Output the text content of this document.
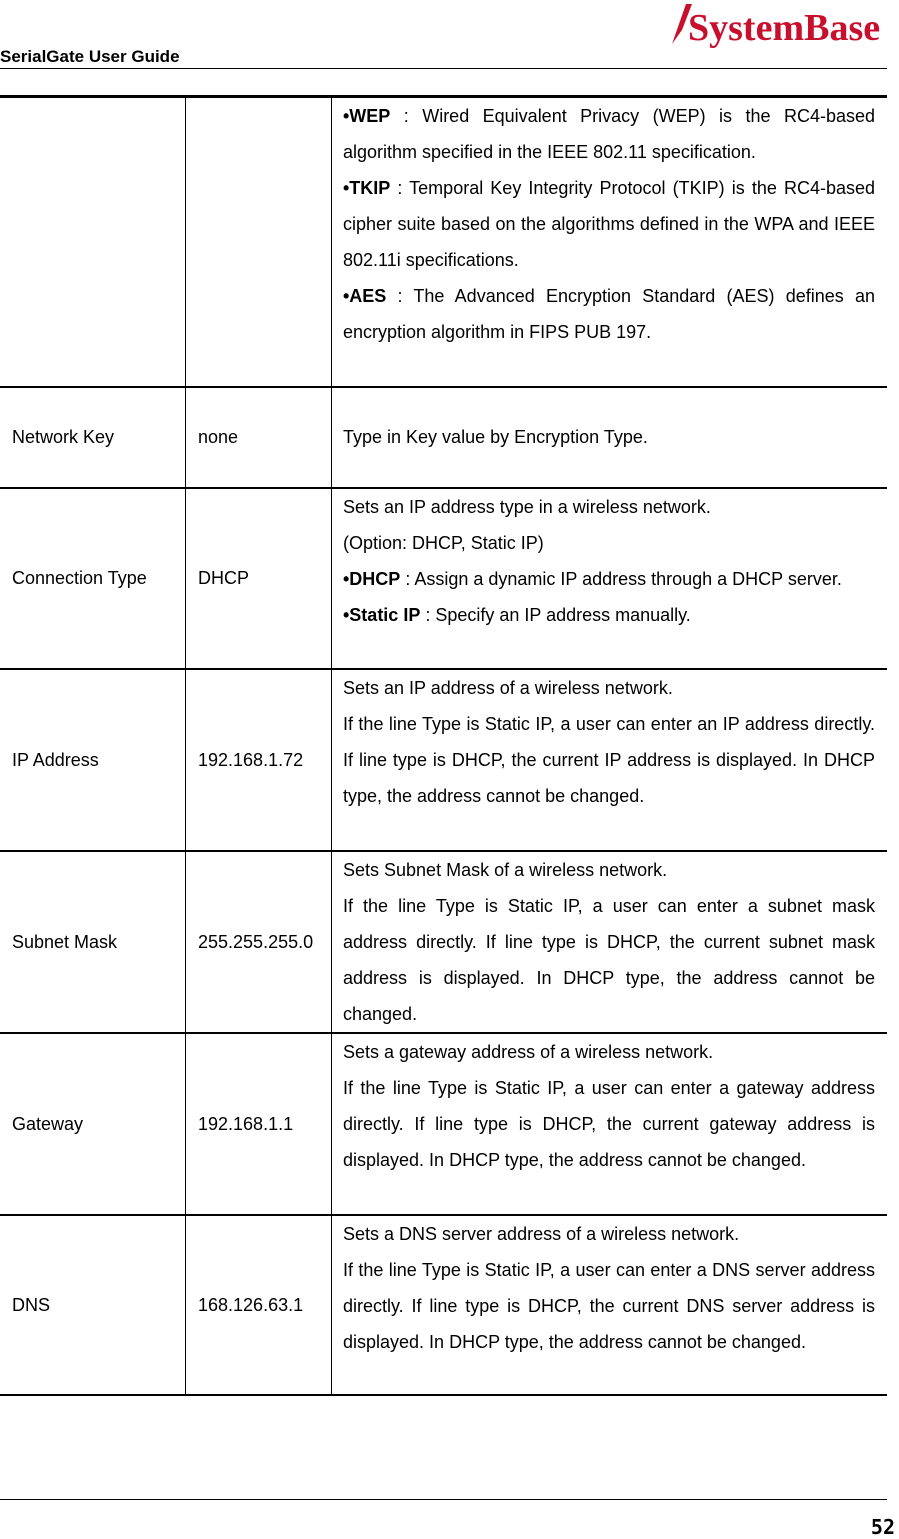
SerialGate User Guide
SystemBase

		•WEP : Wired Equivalent Privacy (WEP) is the RC4-based algorithm specified in the IEEE 802.11 specification.

•TKIP : Temporal Key Integrity Protocol (TKIP) is the RC4-based cipher suite based on the algorithms defined in the WPA and IEEE 802.11i specifications.

•AES : The Advanced Encryption Standard (AES) defines an encryption algorithm in FIPS PUB 197.

Network Key	none	Type in Key value by Encryption Type.

Connection Type	DHCP	Sets an IP address type in a wireless network.

(Option: DHCP, Static IP)

•DHCP : Assign a dynamic IP address through a DHCP server.

•Static IP : Specify an IP address manually.

IP Address	192.168.1.72	Sets an IP address of a wireless network.

If the line Type is Static IP, a user can enter an IP address directly. If line type is DHCP, the current IP address is displayed. In DHCP type, the address cannot be changed.

Subnet Mask	255.255.255.0	Sets Subnet Mask of a wireless network.

If the line Type is Static IP, a user can enter a subnet mask address directly. If line type is DHCP, the current subnet mask address is displayed. In DHCP type, the address cannot be changed.

Gateway	192.168.1.1	Sets a gateway address of a wireless network.

If the line Type is Static IP, a user can enter a gateway address directly. If line type is DHCP, the current gateway address is displayed. In DHCP type, the address cannot be changed.

DNS	168.126.63.1	Sets a DNS server address of a wireless network.

If the line Type is Static IP, a user can enter a DNS server address directly. If line type is DHCP, the current DNS server address is displayed. In DHCP type, the address cannot be changed.

52
